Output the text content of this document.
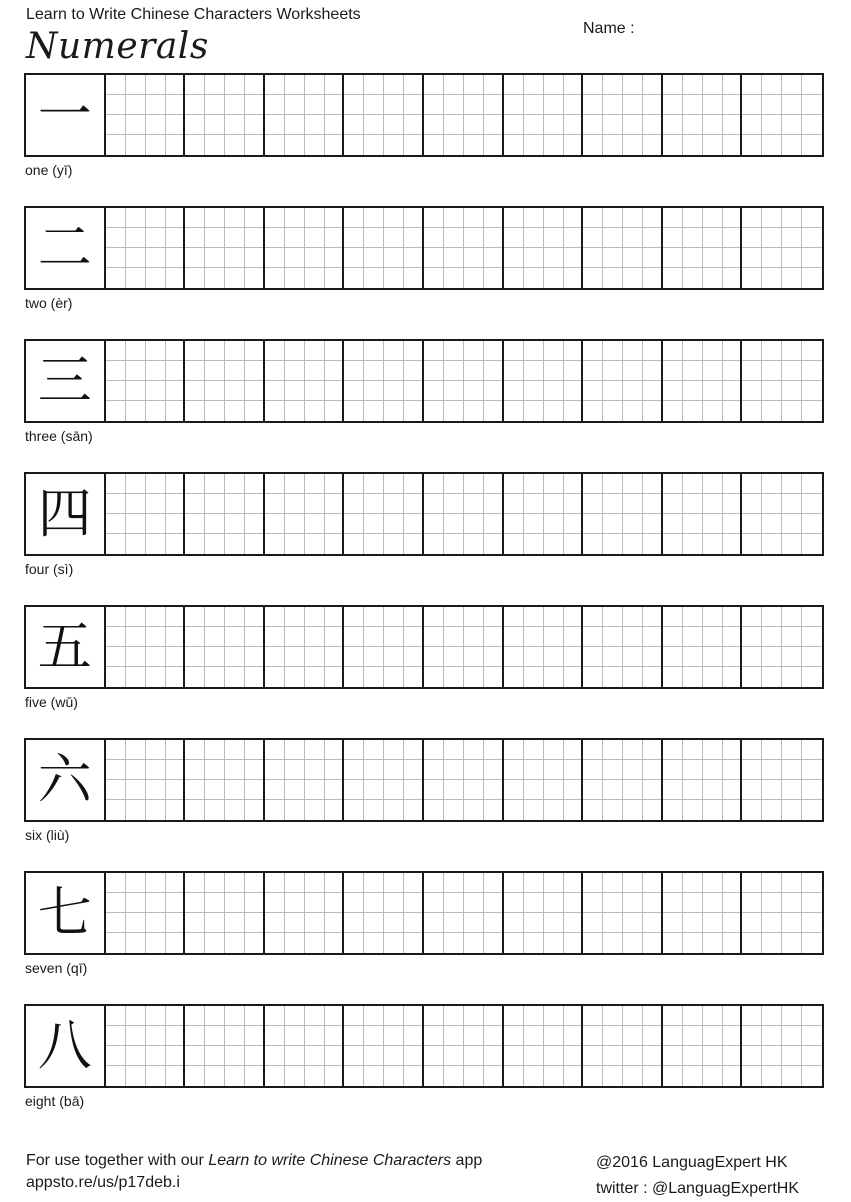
Learn to Write Chinese Characters Worksheets
Name :
Numerals
一
one (yī)
二
two (èr)
三
three (sān)
四
four (sì)
五
five (wǔ)
六
six (liù)
七
seven (qī)
八
eight (bā)
For use together with our Learn to write Chinese Characters app
appsto.re/us/p17deb.i
@2016 LanguagExpert HK
twitter : @LanguagExpertHK
